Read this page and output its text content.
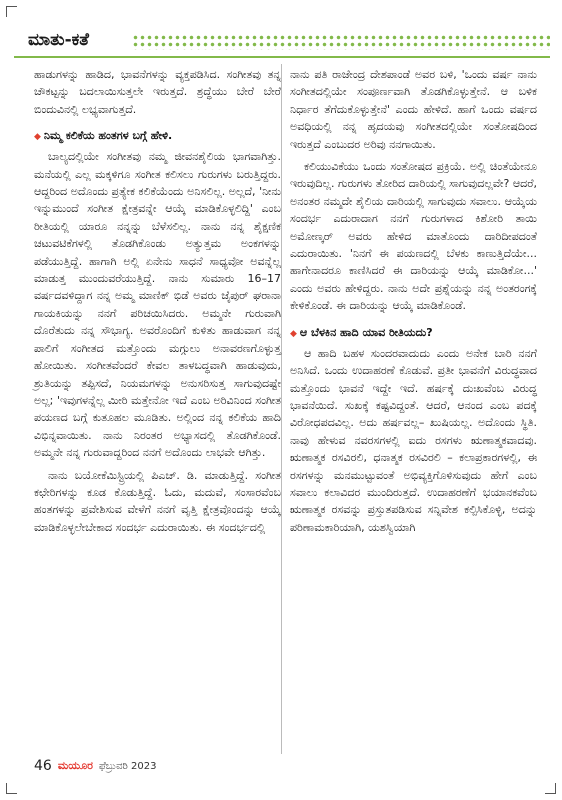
ಮಾತು-ಕತೆ

ಹಾಡುಗಳನ್ನು ಹಾಡಿದ, ಭಾವನೆಗಳನ್ನು ವ್ಯಕ್ತಪಡಿಸಿದ. ಸಂಗೀತವು ತನ್ನ ಚೌಕಟ್ಟನ್ನು ಬದಲಾಯಿಸುತ್ತಲೇ ಇರುತ್ತದೆ. ಶ್ರದ್ಧೆಯು ಬೇರೆ ಬೇರೆ ಬಿಂದುವಿನಲ್ಲಿ ಲಭ್ಯವಾಗುತ್ತದೆ.

◆ ನಿಮ್ಮ ಕಲಿಕೆಯ ಹಂತಗಳ ಬಗ್ಗೆ ಹೇಳಿ.

ಬಾಲ್ಯದಲ್ಲಿಯೇ ಸಂಗೀತವು ನಮ್ಮ ಜೀವನಶೈಲಿಯ ಭಾಗವಾಗಿತ್ತು. ಮನೆಯಲ್ಲಿ ಎಲ್ಲ ಮಕ್ಕಳಿಗೂ ಸಂಗೀತ ಕಲಿಸಲು ಗುರುಗಳು ಬರುತ್ತಿದ್ದರು. ಆದ್ದರಿಂದ ಅದೊಂದು ಪ್ರತ್ಯೇಕ ಕಲಿಕೆಯೆಂದು ಅನಿಸಲಿಲ್ಲ. ಅಲ್ಲದೆ, 'ನೀನು ಇನ್ನುಮುಂದೆ ಸಂಗೀತ ಕ್ಷೇತ್ರವನ್ನೇ ಆಯ್ಕೆ ಮಾಡಿಕೊಳ್ಳಲಿದ್ದಿ' ಎಂಬ ರೀತಿಯಲ್ಲಿ ಯಾರೂ ನನ್ನನ್ನು ಬೆಳೆಸಲಿಲ್ಲ. ನಾನು ನನ್ನ ಶೈಕ್ಷಣಿಕ ಚಟುವಟಿಕೆಗಳಲ್ಲಿ ತೊಡಗಿಕೊಂಡು ಅತ್ಯುತ್ತಮ ಅಂಕಗಳನ್ನು ಪಡೆಯುತ್ತಿದ್ದೆ. ಹಾಗಾಗಿ ಅಲ್ಲಿ ಏನೇನು ಸಾಧನೆ ಸಾಧ್ಯವೋ ಅವನ್ನೆಲ್ಲ ಮಾಡುತ್ತ ಮುಂದುವರೆಯುತ್ತಿದ್ದೆ. ನಾನು ಸುಮಾರು 16–17 ವರ್ಷದವಳಿದ್ದಾಗ ನನ್ನ ಅಮ್ಮ ಮಾಣಿಕ್ ಭಿಡೆ ಅವರು ಜೈಪುರ್ ಘರಾನಾ ಗಾಯಕಿಯನ್ನು ನನಗೆ ಪರಿಚಯಿಸಿದರು. ಅಮ್ಮನೇ ಗುರುವಾಗಿ ದೊರೆತುದು ನನ್ನ ಸೌಭಾಗ್ಯ. ಅವರೊಂದಿಗೆ ಕುಳಿತು ಹಾಡುವಾಗ ನನ್ನ ಪಾಲಿಗೆ ಸಂಗೀತದ ಮತ್ತೊಂದು ಮಗ್ಗುಲು ಅನಾವರಣಗೊಳ್ಳುತ್ತ ಹೋಯಿತು. ಸಂಗೀತವೆಂದರೆ ಕೇವಲ ತಾಳಬದ್ಧವಾಗಿ ಹಾಡುವುದು, ಶ್ರುತಿಯನ್ನು ತಪ್ಪಿಸದೆ, ನಿಯಮಗಳನ್ನು ಅನುಸರಿಸುತ್ತ ಸಾಗುವುದಷ್ಟೇ ಅಲ್ಲ; 'ಇವುಗಳನ್ನೆಲ್ಲ ಮೀರಿ ಮತ್ತೇನೋ ಇದೆ ಎಂಬ ಅರಿವಿನಿಂದ ಸಂಗೀತ ಪಯಣದ ಬಗ್ಗೆ ಕುತೂಹಲ ಮೂಡಿತು. ಅಲ್ಲಿಂದ ನನ್ನ ಕಲಿಕೆಯ ಹಾದಿ ವಿಭಿನ್ನವಾಯಿತು. ನಾನು ನಿರಂತರ ಅಭ್ಯಾಸದಲ್ಲಿ ತೊಡಗಿಕೊಂಡೆ. ಅಮ್ಮನೇ ನನ್ನ ಗುರುವಾದ್ದರಿಂದ ನನಗೆ ಅದೊಂದು ಲಾಭವೇ ಆಗಿತ್ತು.

ನಾನು ಬಯೋಕೆಮಿಸ್ಟ್ರಿಯಲ್ಲಿ ಪಿಎಚ್. ಡಿ. ಮಾಡುತ್ತಿದ್ದೆ. ಸಂಗೀತ ಕಛೇರಿಗಳನ್ನು ಕೂಡ ಕೊಡುತ್ತಿದ್ದೆ. ಓದು, ಮದುವೆ, ಸಂಸಾರವೆಂಬ ಹಂತಗಳನ್ನು ಪ್ರವೇಶಿಸುವ ವೇಳೆಗೆ ನನಗೆ ವೃತ್ತಿ ಕ್ಷೇತ್ರವೊಂದನ್ನು ಆಯ್ಕೆ ಮಾಡಿಕೊಳ್ಳಲೇಬೇಕಾದ ಸಂದರ್ಭ ಎದುರಾಯಿತು. ಈ ಸಂದರ್ಭದಲ್ಲಿ

ನಾನು ಪತಿ ರಾಜೇಂದ್ರ ದೇಶಪಾಂಡೆ ಅವರ ಬಳಿ, 'ಒಂದು ವರ್ಷ ನಾನು ಸಂಗೀತದಲ್ಲಿಯೇ ಸಂಪೂರ್ಣವಾಗಿ ತೊಡಗಿಕೊಳ್ಳುತ್ತೇನೆ. ಆ ಬಳಿಕ ನಿರ್ಧಾರ ತೆಗೆದುಕೊಳ್ಳುತ್ತೇನೆ' ಎಂದು ಹೇಳಿದೆ. ಹಾಗೆ ಒಂದು ವರ್ಷದ ಅವಧಿಯಲ್ಲಿ ನನ್ನ ಹೃದಯವು ಸಂಗೀತದಲ್ಲಿಯೇ ಸಂತೋಷದಿಂದ ಇರುತ್ತದೆ ಎಂಬುದರ ಅರಿವು ನನಗಾಯಿತು.

ಕಲಿಯುವಿಕೆಯು ಒಂದು ಸಂತೋಷದ ಪ್ರಕ್ರಿಯೆ. ಅಲ್ಲಿ ಚಿಂತೆಯೇನೂ ಇರುವುದಿಲ್ಲ. ಗುರುಗಳು ತೋರಿದ ದಾರಿಯಲ್ಲಿ ಸಾಗುವುದಲ್ಲವೇ? ಆದರೆ, ಅನಂತರ ನಮ್ಮದೇ ಶೈಲಿಯ ದಾರಿಯಲ್ಲಿ ಸಾಗುವುದು ಸವಾಲು. ಆಯ್ಕೆಯ ಸಂದರ್ಭ ಎದುರಾದಾಗ ನನಗೆ ಗುರುಗಳಾದ ಕಿಶೋರಿ ತಾಯಿ ಅಮೋಣ್ಕರ್ ಅವರು ಹೇಳಿದ ಮಾತೊಂದು ದಾರಿದೀಪದಂತೆ ಎದುರಾಯಿತು. 'ನಿನಗೆ ಈ ಪಯಣದಲ್ಲಿ ಬೆಳಕು ಕಾಣುತ್ತಿದೆಯೇ... ಹಾಗೇನಾದರೂ ಕಾಣಿಸಿದರೆ ಈ ದಾರಿಯನ್ನು ಆಯ್ಕೆ ಮಾಡಿಕೋ...' ಎಂದು ಅವರು ಹೇಳಿದ್ದರು. ನಾನು ಅದೇ ಪ್ರಶ್ನೆಯನ್ನು ನನ್ನ ಅಂತರಂಗಕ್ಕೆ ಕೇಳಿಕೊಂಡೆ. ಈ ದಾರಿಯನ್ನು ಆಯ್ಕೆ ಮಾಡಿಕೊಂಡೆ.

◆ ಆ ಬೆಳಕಿನ ಹಾದಿ ಯಾವ ರೀತಿಯದು?

ಆ ಹಾದಿ ಬಹಳ ಸುಂದರವಾದುದು ಎಂದು ಅನೇಕ ಬಾರಿ ನನಗೆ ಅನಿಸಿದೆ. ಒಂದು ಉದಾಹರಣೆ ಕೊಡುವೆ. ಪ್ರತೀ ಭಾವನೆಗೆ ವಿರುದ್ಧವಾದ ಮತ್ತೊಂದು ಭಾವನೆ ಇದ್ದೇ ಇದೆ. ಹರ್ಷಕ್ಕೆ ದುಃಖವೆಂಬ ವಿರುದ್ಧ ಭಾವನೆಯಿದೆ. ಸುಖಕ್ಕೆ ಕಷ್ಟವಿದ್ದಂತೆ. ಆದರೆ, ಆನಂದ ಎಂಬ ಪದಕ್ಕೆ ವಿರೋಧಪದವಿಲ್ಲ. ಅದು ಹರ್ಷವಲ್ಲ– ಖುಷಿಯಲ್ಲ. ಅದೊಂದು ಸ್ಥಿತಿ. ನಾವು ಹೇಳುವ ನವರಸಗಳಲ್ಲಿ ಐದು ರಸಗಳು ಋಣಾತ್ಮಕವಾದವು. ಋಣಾತ್ಮಕ ರಸವಿರಲಿ, ಧನಾತ್ಮಕ ರಸವಿರಲಿ – ಕಲಾಪ್ರಕಾರಗಳಲ್ಲಿ, ಈ ರಸಗಳನ್ನು ಮನಮುಟ್ಟುವಂತೆ ಅಭಿವ್ಯಕ್ತಿಗೊಳಿಸುವುದು ಹೇಗೆ ಎಂಬ ಸವಾಲು ಕಲಾವಿದರ ಮುಂದಿರುತ್ತದೆ. ಉದಾಹರಣೆಗೆ ಭಯಾನಕವೆಂಬ ಋಣಾತ್ಮಕ ರಸವನ್ನು ಪ್ರಸ್ತುತಪಡಿಸುವ ಸನ್ನಿವೇಶ ಕಲ್ಪಿಸಿಕೊಳ್ಳಿ, ಅದನ್ನು ಪರಿಣಾಮಕಾರಿಯಾಗಿ, ಯಶಸ್ವಿಯಾಗಿ

46 ಮಯೂರ ಫೆಬ್ರುವರಿ 2023
